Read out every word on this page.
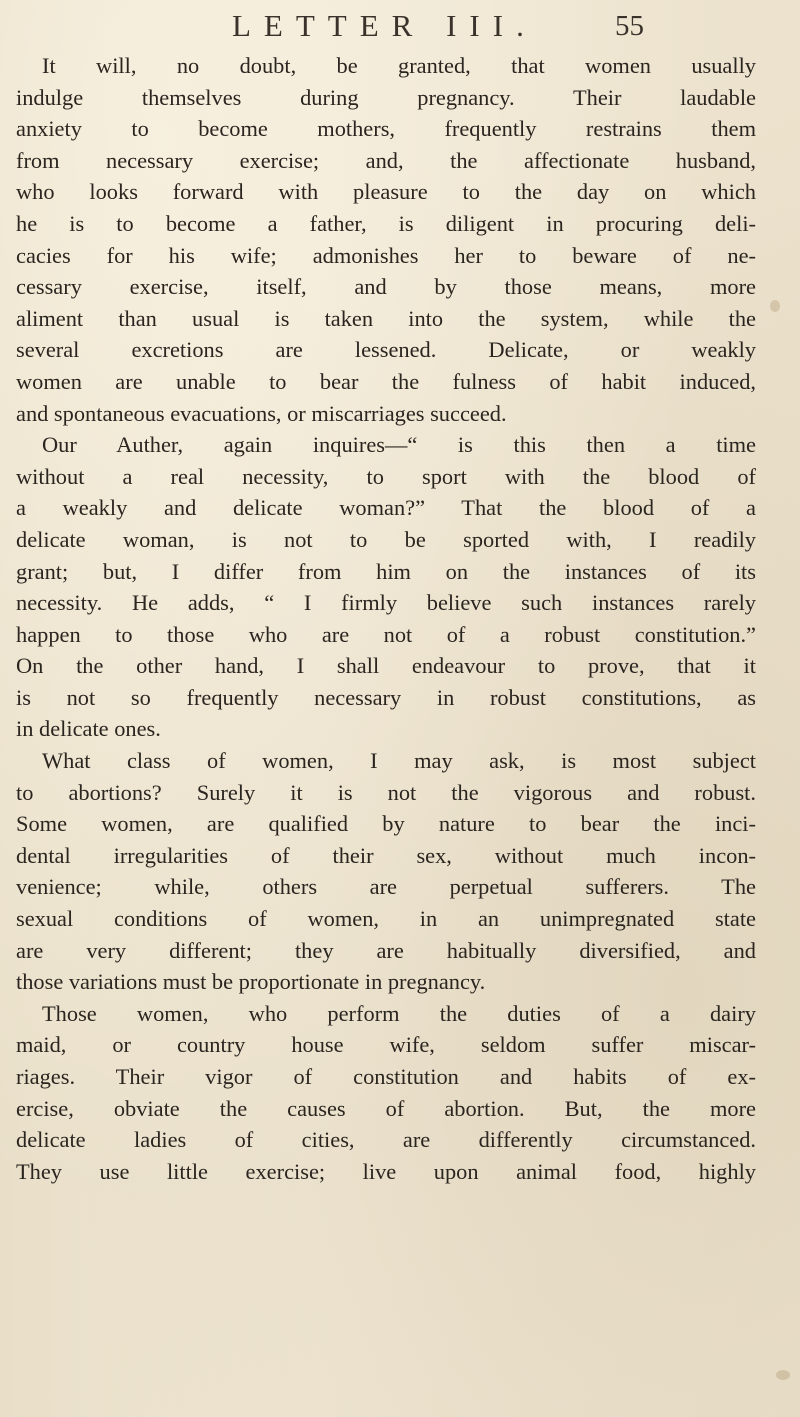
LETTER III.	55
It will, no doubt, be granted, that women usually
indulge themselves during pregnancy. Their laudable
anxiety to become mothers, frequently restrains them
from necessary exercise; and, the affectionate husband,
who looks forward with pleasure to the day on which
he is to become a father, is diligent in procuring deli-
cacies for his wife; admonishes her to beware of ne-
cessary exercise, itself, and by those means, more
aliment than usual is taken into the system, while the
several excretions are lessened. Delicate, or weakly
women are unable to bear the fulness of habit induced,
and spontaneous evacuations, or miscarriages succeed.
Our Auther, again inquires—“ is this then a time
without a real necessity, to sport with the blood of
a weakly and delicate woman?” That the blood of a
delicate woman, is not to be sported with, I readily
grant; but, I differ from him on the instances of its
necessity. He adds, “ I firmly believe such instances rarely
happen to those who are not of a robust constitution.”
On the other hand, I shall endeavour to prove, that it
is not so frequently necessary in robust constitutions, as
in delicate ones.
What class of women, I may ask, is most subject
to abortions? Surely it is not the vigorous and robust.
Some women, are qualified by nature to bear the inci-
dental irregularities of their sex, without much incon-
venience; while, others are perpetual sufferers. The
sexual conditions of women, in an unimpregnated state
are very different; they are habitually diversified, and
those variations must be proportionate in pregnancy.
Those women, who perform the duties of a dairy
maid, or country house wife, seldom suffer miscar-
riages. Their vigor of constitution and habits of ex-
ercise, obviate the causes of abortion. But, the more
delicate ladies of cities, are differently circumstanced.
They use little exercise; live upon animal food, highly
